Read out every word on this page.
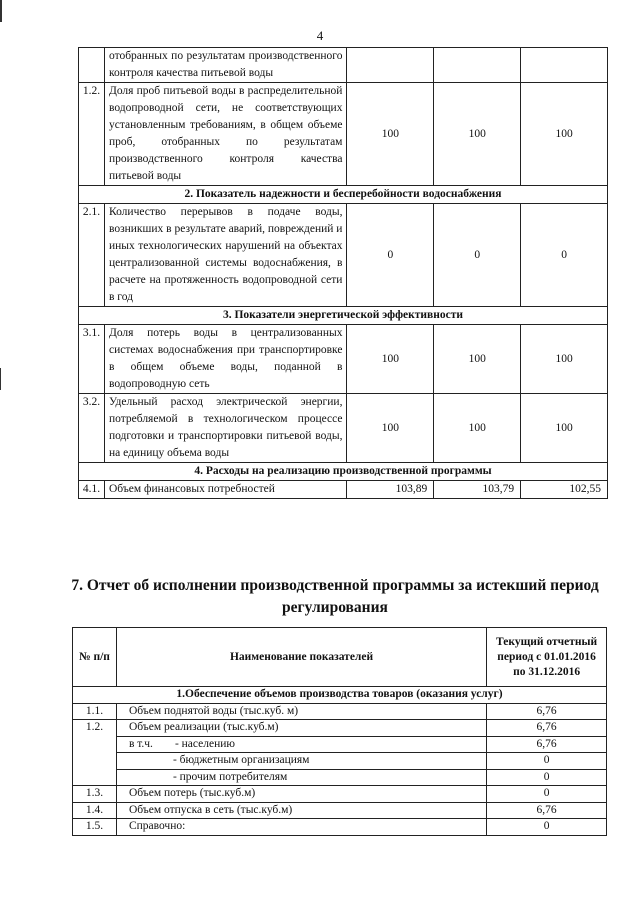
4
	отобранных по результатам производственного контроля качества питьевой воды			
1.2.	Доля проб питьевой воды в распределительной водопроводной сети, не соответствующих установленным требованиям, в общем объеме проб, отобранных по результатам производственного контроля качества питьевой воды	100	100	100
2. Показатель надежности и бесперебойности водоснабжения				
2.1.	Количество перерывов в подаче воды, возникших в результате аварий, повреждений и иных технологических нарушений на объектах централизованной системы водоснабжения, в расчете на протяженность водопроводной сети в год	0	0	0
3. Показатели энергетической эффективности				
3.1.	Доля потерь воды в централизованных системах водоснабжения при транспортировке в общем объеме воды, поданной в водопроводную сеть	100	100	100
3.2.	Удельный расход электрической энергии, потребляемой в технологическом процессе подготовки и транспортировки питьевой воды, на единицу объема воды	100	100	100
4. Расходы на реализацию производственной программы				
4.1.	Объем финансовых потребностей	103,89	103,79	102,55
7. Отчет об исполнении производственной программы за истекший период регулирования
№ п/п	Наименование показателей	Текущий отчетный период с 01.01.2016 по 31.12.2016
1.Обеспечение объемов производства товаров (оказания услуг)		
1.1.	Объем поднятой воды (тыс.куб. м)	6,76
1.2.	Объем реализации (тыс.куб.м)	6,76
	в т.ч. - населению	6,76
	- бюджетным организациям	0
	- прочим потребителям	0
1.3.	Объем потерь (тыс.куб.м)	0
1.4.	Объем отпуска в сеть (тыс.куб.м)	6,76
1.5.	Справочно:	0
